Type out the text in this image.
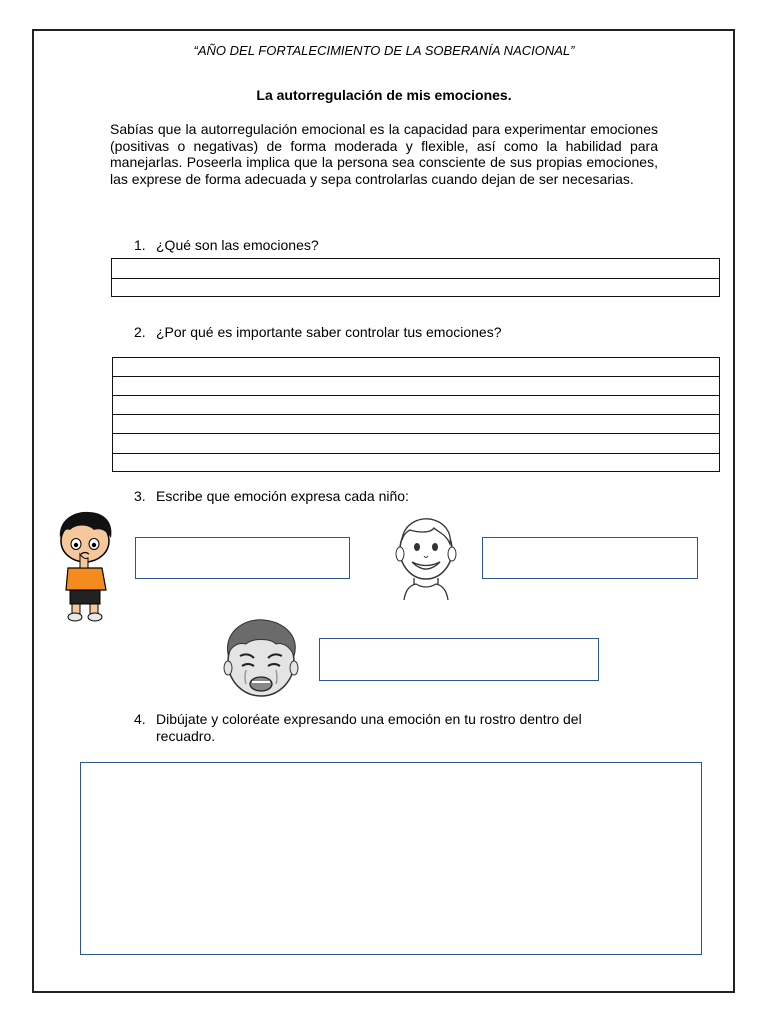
“AÑO DEL FORTALECIMIENTO DE LA SOBERANÍA NACIONAL”
La autorregulación de mis emociones.
Sabías que la autorregulación emocional es la capacidad para experimentar emociones (positivas o negativas) de forma moderada y flexible, así como la habilidad para manejarlas. Poseerla implica que la persona sea consciente de sus propias emociones, las exprese de forma adecuada y sepa controlarlas cuando dejan de ser necesarias.
1. ¿Qué son las emociones?
2. ¿Por qué es importante saber controlar tus emociones?
3. Escribe que emoción expresa cada niño:
4. Dibújate y coloréate expresando una emoción en tu rostro dentro del
recuadro.
